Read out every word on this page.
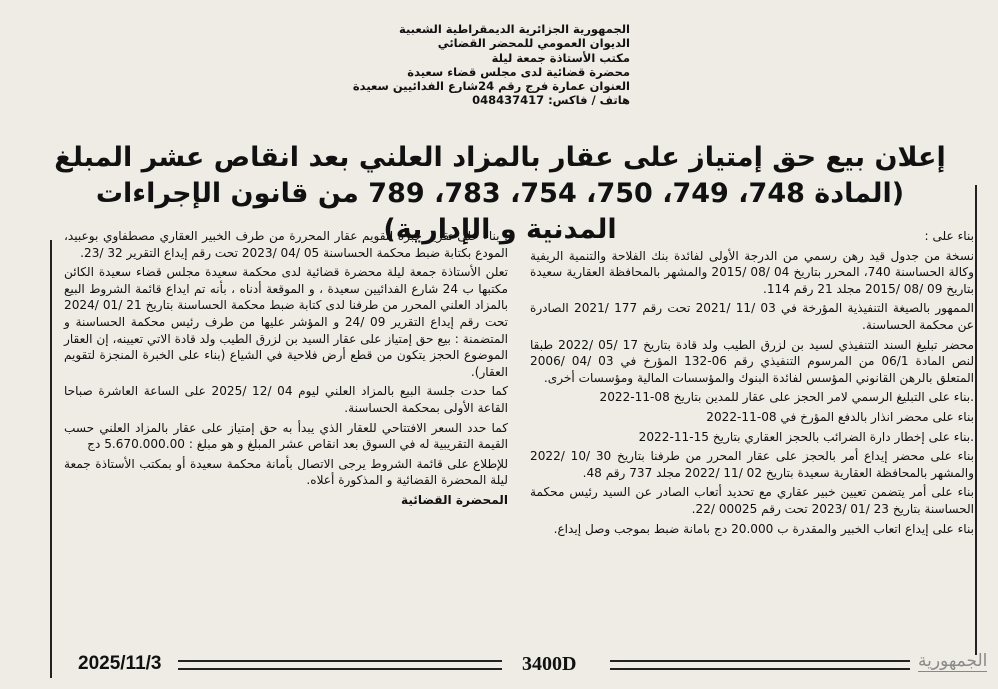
الجمهورية الجزائرية الديمقراطية الشعبية
الديوان العمومي للمحضر القضائي
مكتب الأستاذة جمعة ليلة
محضرة قضائية لدى مجلس قضاء سعيدة
العنوان عمارة فرج رقم 24شارع الفدائيين سعيدة
هاتف / فاكس: 048437417
إعلان بيع حق إمتياز على عقار بالمزاد العلني بعد انقاص عشر المبلغ
(المادة 748، 749، 750، 754، 783، 789 من قانون الإجراءات المدنية و الإدارية)	بناء على :

نسخة من جدول قيد رهن رسمي من الدرجة الأولى لفائدة بنك الفلاحة والتنمية الريفية وكالة الحساسنة 740، المحرر بتاريخ 04 /08 /2015 والمشهر بالمحافظة العقارية سعيدة بتاريخ 09 /08 /2015 مجلد 21 رقم 114.

الممهور بالصيغة التنفيذية المؤرخة في 03 /11 /2021 تحت رقم 177 /2021 الصادرة عن محكمة الحساسنة.

محضر تبليغ السند التنفيذي لسيد بن لزرق الطيب ولد قادة بتاريخ 17 /05 /2022 طبقا لنص المادة 06/1 من المرسوم التنفيذي رقم 06-132 المؤرخ في 03 /04 /2006 المتعلق بالرهن القانوني المؤسس لفائدة البنوك والمؤسسات المالية ومؤسسات أخرى.

.بناء على التبليغ الرسمي لامر الحجز على عقار للمدين بتاريخ 08-11-2022

بناء على محضر انذار بالدفع المؤرخ في 08-11-2022

.بناء على إخطار دارة الضرائب بالحجز العقاري بتاريخ 15-11-2022

بناء على محضر إيداع أمر بالحجز على عقار المحرر من طرفنا بتاريخ 30 /10 /2022 والمشهر بالمحافظة العقارية سعيدة بتاريخ 02 /11 /2022 مجلد 737 رقم 48.

بناء على أمر يتضمن تعيين خبير عقاري مع تحديد أتعاب الصادر عن السيد رئيس محكمة الحساسنة بتاريخ 23 /01 /2023 تحت رقم 00025 /22.

بناء على إيداع اتعاب الخبير والمقدرة ب 20.000 دج بامانة ضبط بموجب وصل إيداع.

. بناء على تقرير خبرة لتقويم عقار المحررة من طرف الخبير العقاري مصطفاوي بوعبيد، المودع بكتابة ضبط محكمة الحساسنة 05 /04 /2023 تحت رقم إيداع التقرير 32 /23.

تعلن الأستاذة جمعة ليلة محضرة قضائية لدى محكمة سعيدة مجلس قضاء سعيدة الكائن مكتبها ب 24 شارع الفدائيين سعيدة ، و الموقعة أدناه ، بأنه تم ايداع قائمة الشروط البيع بالمزاد العلني المحرر من طرفنا لدى كتابة ضبط محكمة الحساسنة بتاريخ 21 /01 /2024 تحت رقم إيداع التقرير 09 /24 و المؤشر عليها من طرف رئيس محكمة الحساسنة و المتضمنة : بيع حق إمتياز على عقار السيد بن لزرق الطيب ولد قادة الاتي تعيينه، إن العقار الموضوع الحجز يتكون من قطع أرض فلاحية في الشياع (بناء على الخبرة المنجزة لتقويم العقار).

كما حدت جلسة البيع بالمزاد العلني ليوم 04 /12 /2025 على الساعة العاشرة صباحا القاعة الأولى بمحكمة الحساسنة.

كما حدد السعر الافتتاحي للعقار الذي يبدأ به حق إمتياز على عقار بالمزاد العلني حسب القيمة التقريبية له في السوق بعد انقاص عشر المبلغ و هو مبلغ : 5.670.000.00 دج

للإطلاع على قائمة الشروط يرجى الاتصال بأمانة محكمة سعيدة أو بمكتب الأستاذة جمعة ليلة المحضرة القضائية و المذكورة أعلاه.

المحضرة القضائية

2025/11/3	3400D	الجمهورية
